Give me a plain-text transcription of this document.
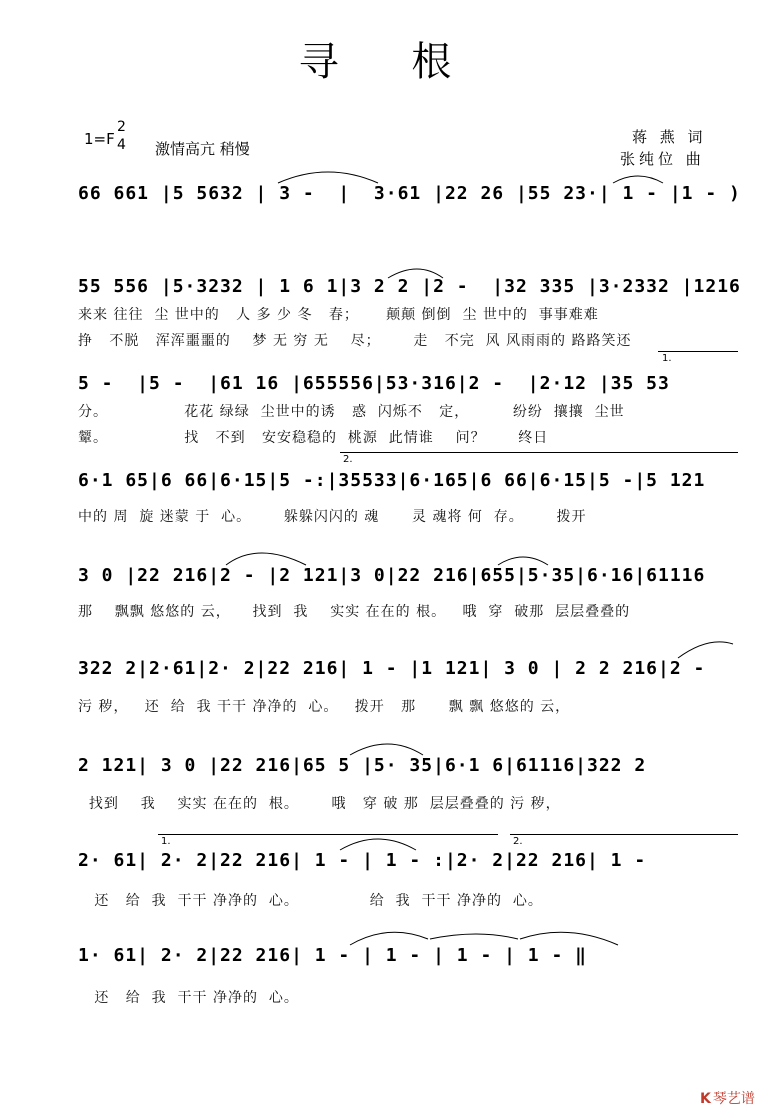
寻 根
1=F
2
4 激情高亢 稍慢
蒋 燕 词
张纯位 曲
66 661 |5 5632 | 3 -  |  3·61 |22 26 |55 23·| 1 - |1 - )
55 556 |5·3232 | 1 6 1|3 2 2 |2 -  |32 335 |3·2332 |1216
来来 往往  尘 世中的   人 多 少 冬   春；     颠颠 倒倒  尘 世中的  事事难难
挣   不脱   浑浑噩噩的    梦 无 穷 无    尽；      走   不完  风 风雨雨的 路路笑还
5 -  |5 -  |61 16 |655556|53·316|2 -  |2·12 |35 53
分。              花花 绿绿  尘世中的诱   惑  闪烁不   定，        纷纷  攘攘  尘世
颦。              找   不到   安安稳稳的  桃源  此情谁    问？      终日
1.
6·1 65|6 66|6·15|5 -:|35533|6·165|6 66|6·15|5 -|5 121
中的 周  旋 迷蒙 于  心。      躲躲闪闪的 魂      灵 魂将 何  存。      拨开
2.
3 0 |22 216|2 - |2 121|3 0|22 216|655|5·35|6·16|61116
那    飘飘 悠悠的 云，    找到  我    实实 在在的 根。   哦  穿  破那  层层叠叠的
322 2|2·61|2· 2|22 216| 1 - |1 121| 3 0 | 2 2 216|2 -
污 秽，   还  给  我 干干 净净的  心。   拨开   那      飘 飘 悠悠的 云，
2 121| 3 0 |22 216|65 5 |5· 35|6·1 6|61116|322 2
找到    我    实实 在在的  根。      哦   穿 破 那  层层叠叠的 污 秽，
2· 61| 2· 2|22 216| 1 - | 1 - :|2· 2|22 216| 1 -
还   给  我  干干 净净的  心。             给  我  干干 净净的  心。
1.	2.
1· 61| 2· 2|22 216| 1 - | 1 - | 1 - | 1 - ‖
还   给  我  干干 净净的  心。
K 琴艺谱
